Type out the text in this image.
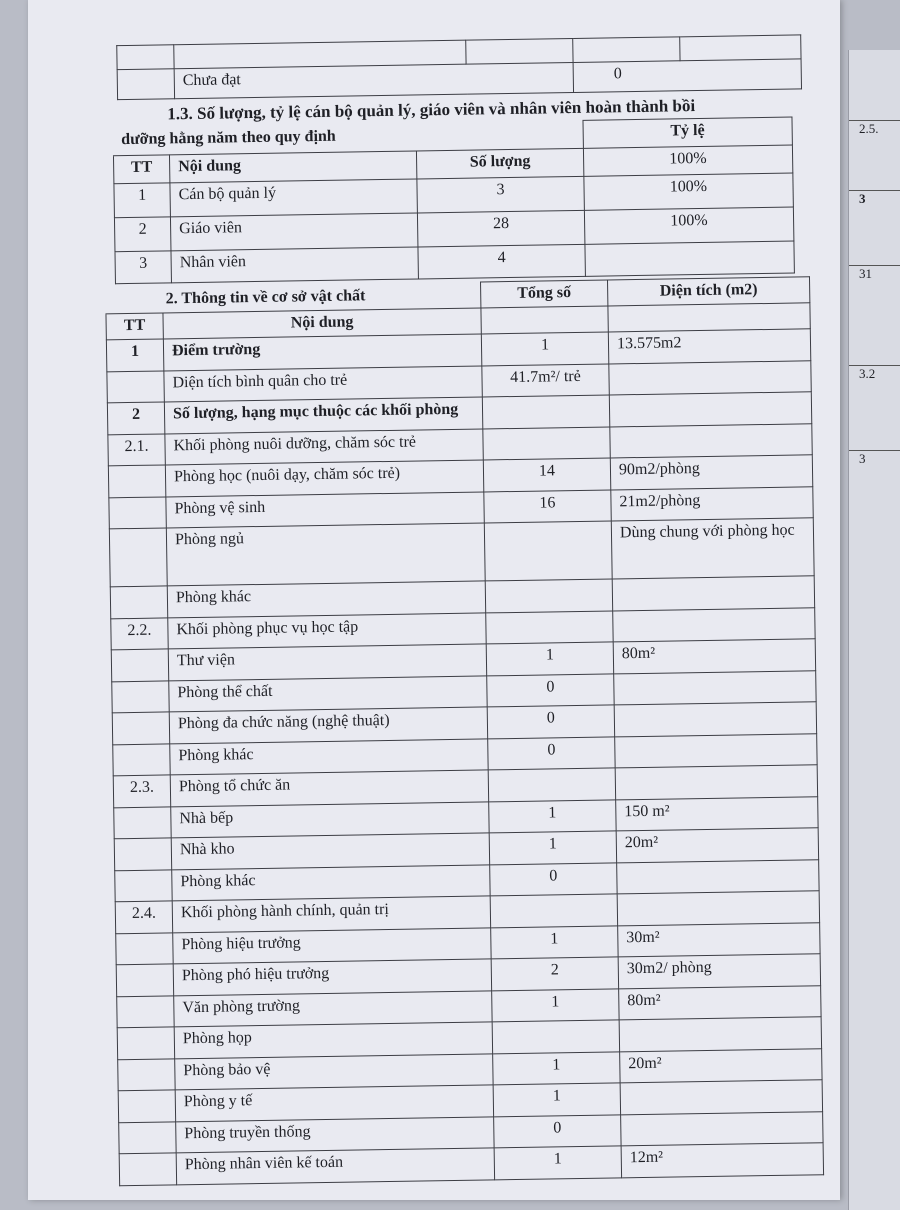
2.5.
3
31
3.2
3

	Chưa đạt		0	
1.3. Số lượng, tỷ lệ cán bộ quản lý, giáo viên và nhân viên hoàn thành bồi
dưỡng hằng năm theo quy định			Tỷ lệ
TT	Nội dung	Số lượng	100%
1	Cán bộ quản lý	3	100%
2	Giáo viên	28	100%
3	Nhân viên	4	
2. Thông tin về cơ sở vật chất		Tổng số	Diện tích (m2)
TT	Nội dung		
1	Điểm trường	1	13.575m2
	Diện tích bình quân cho trẻ	41.7m²/ trẻ	
2	Số lượng, hạng mục thuộc các khối phòng		
2.1.	Khối phòng nuôi dưỡng, chăm sóc trẻ		
	Phòng học (nuôi dạy, chăm sóc trẻ)	14	90m2/phòng
	Phòng vệ sinh	16	21m2/phòng
	Phòng ngủ		Dùng chung với phòng học
	Phòng khác		
2.2.	Khối phòng phục vụ học tập		
	Thư viện	1	80m²
	Phòng thể chất	0	
	Phòng đa chức năng (nghệ thuật)	0	
	Phòng khác	0	
2.3.	Phòng tổ chức ăn		
	Nhà bếp	1	150 m²
	Nhà kho	1	20m²
	Phòng khác	0	
2.4.	Khối phòng hành chính, quản trị		
	Phòng hiệu trưởng	1	30m²
	Phòng phó hiệu trưởng	2	30m2/ phòng
	Văn phòng trường	1	80m²
	Phòng họp		
	Phòng bảo vệ	1	20m²
	Phòng y tế	1	
	Phòng truyền thống	0	
	Phòng nhân viên kế toán	1	12m²
